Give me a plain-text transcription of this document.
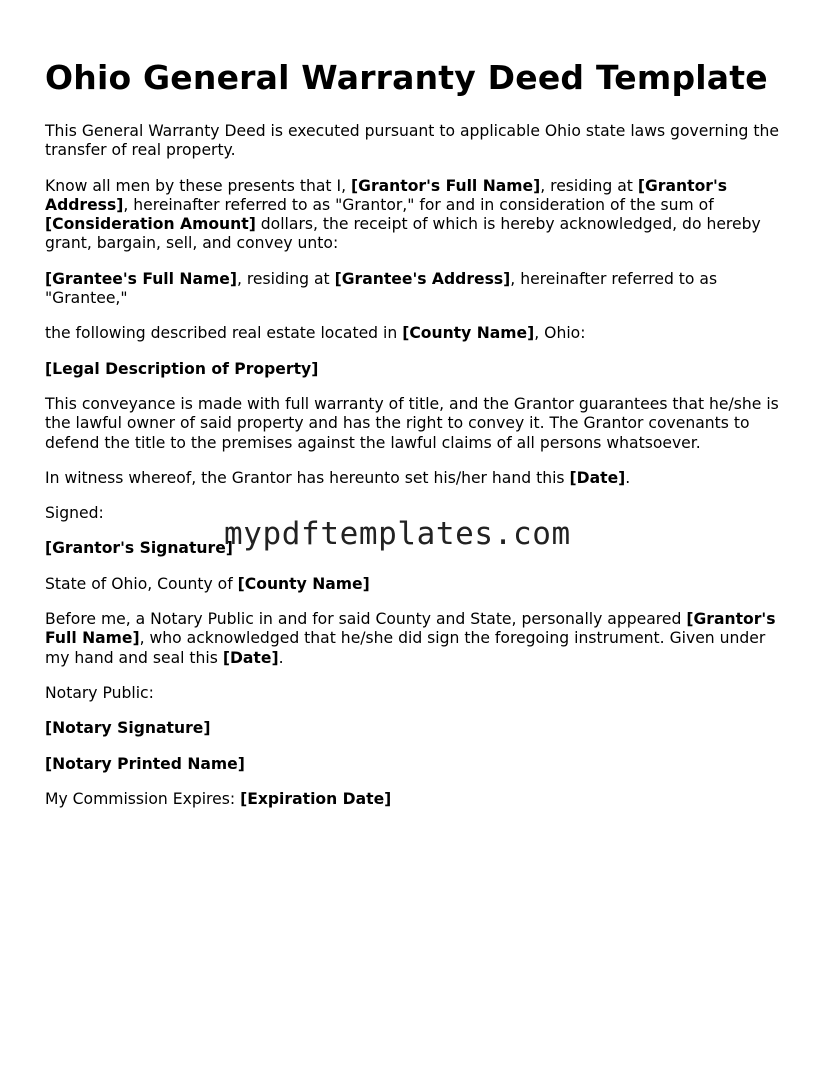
Ohio General Warranty Deed Template

This General Warranty Deed is executed pursuant to applicable Ohio state laws governing the transfer of real property.

Know all men by these presents that I, [Grantor's Full Name], residing at [Grantor's Address], hereinafter referred to as "Grantor," for and in consideration of the sum of [Consideration Amount] dollars, the receipt of which is hereby acknowledged, do hereby grant, bargain, sell, and convey unto:

[Grantee's Full Name], residing at [Grantee's Address], hereinafter referred to as "Grantee,"

the following described real estate located in [County Name], Ohio:

[Legal Description of Property]

This conveyance is made with full warranty of title, and the Grantor guarantees that he/she is the lawful owner of said property and has the right to convey it. The Grantor covenants to defend the title to the premises against the lawful claims of all persons whatsoever.

In witness whereof, the Grantor has hereunto set his/her hand this [Date].

Signed:

[Grantor's Signature]

State of Ohio, County of [County Name]

Before me, a Notary Public in and for said County and State, personally appeared [Grantor's Full Name], who acknowledged that he/she did sign the foregoing instrument. Given under my hand and seal this [Date].

Notary Public:

[Notary Signature]

[Notary Printed Name]

My Commission Expires: [Expiration Date]

mypdftemplates.com
